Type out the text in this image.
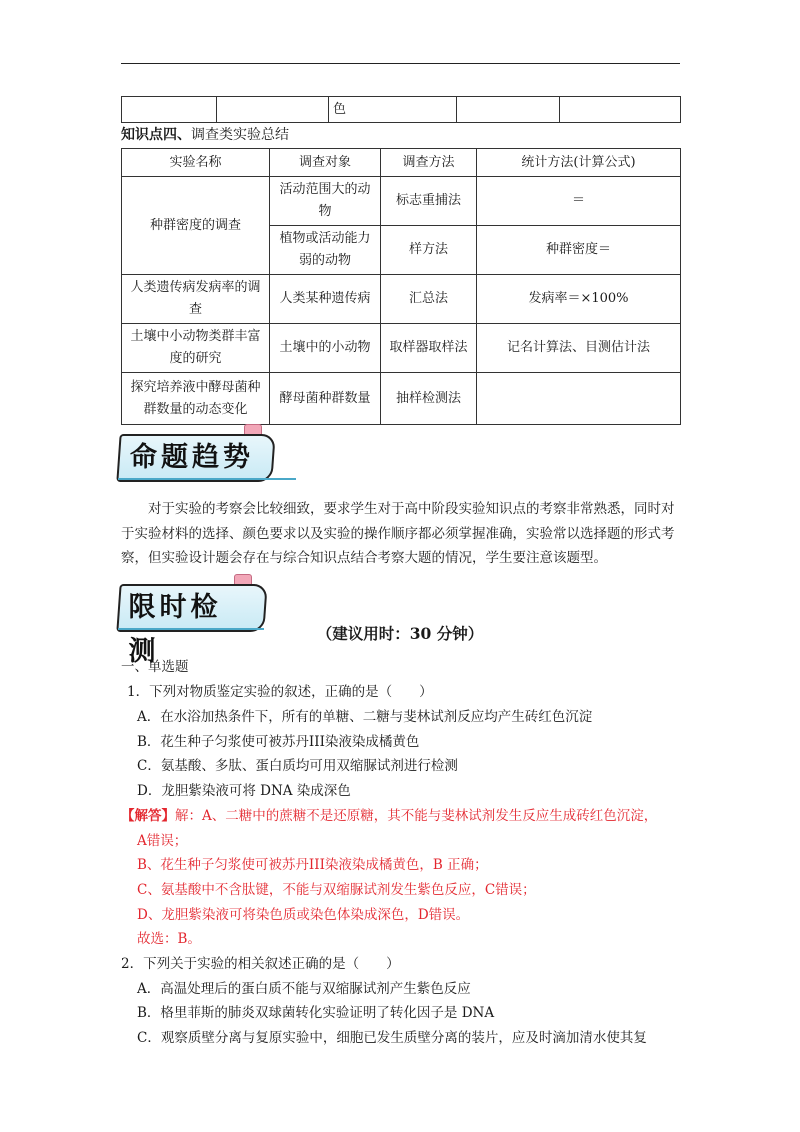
		色		
知识点四、调查类实验总结
实验名称	调查对象	调查方法	统计方法(计算公式)
种群密度的调查	活动范围大的动物	标志重捕法	＝
	植物或活动能力弱的动物	样方法	种群密度＝
人类遗传病发病率的调查	人类某种遗传病	汇总法	发病率＝×100%
土壤中小动物类群丰富度的研究	土壤中的小动物	取样器取样法	记名计算法、目测估计法
探究培养液中酵母菌种群数量的动态变化	酵母菌种群数量	抽样检测法	
命题趋势
对于实验的考察会比较细致，要求学生对于高中阶段实验知识点的考察非常熟悉，同时对于实验材料的选择、颜色要求以及实验的操作顺序都必须掌握准确，实验常以选择题的形式考察，但实验设计题会存在与综合知识点结合考察大题的情况，学生要注意该题型。
限时检测
（建议用时：30 分钟）
一、单选题
1．下列对物质鉴定实验的叙述，正确的是（　　）
A．在水浴加热条件下，所有的单糖、二糖与斐林试剂反应均产生砖红色沉淀
B．花生种子匀浆使可被苏丹III染液染成橘黄色
C．氨基酸、多肽、蛋白质均可用双缩脲试剂进行检测
D．龙胆紫染液可将 DNA 染成深色
【解答】解：A、二糖中的蔗糖不是还原糖，其不能与斐林试剂发生反应生成砖红色沉淀，
A错误；
B、花生种子匀浆使可被苏丹III染液染成橘黄色，B 正确；
C、氨基酸中不含肽键，不能与双缩脲试剂发生紫色反应，C错误；
D、龙胆紫染液可将染色质或染色体染成深色，D错误。
故选：B。
2．下列关于实验的相关叙述正确的是（　　）
A．高温处理后的蛋白质不能与双缩脲试剂产生紫色反应
B．格里菲斯的肺炎双球菌转化实验证明了转化因子是 DNA
C．观察质壁分离与复原实验中，细胞已发生质壁分离的装片，应及时滴加清水使其复
